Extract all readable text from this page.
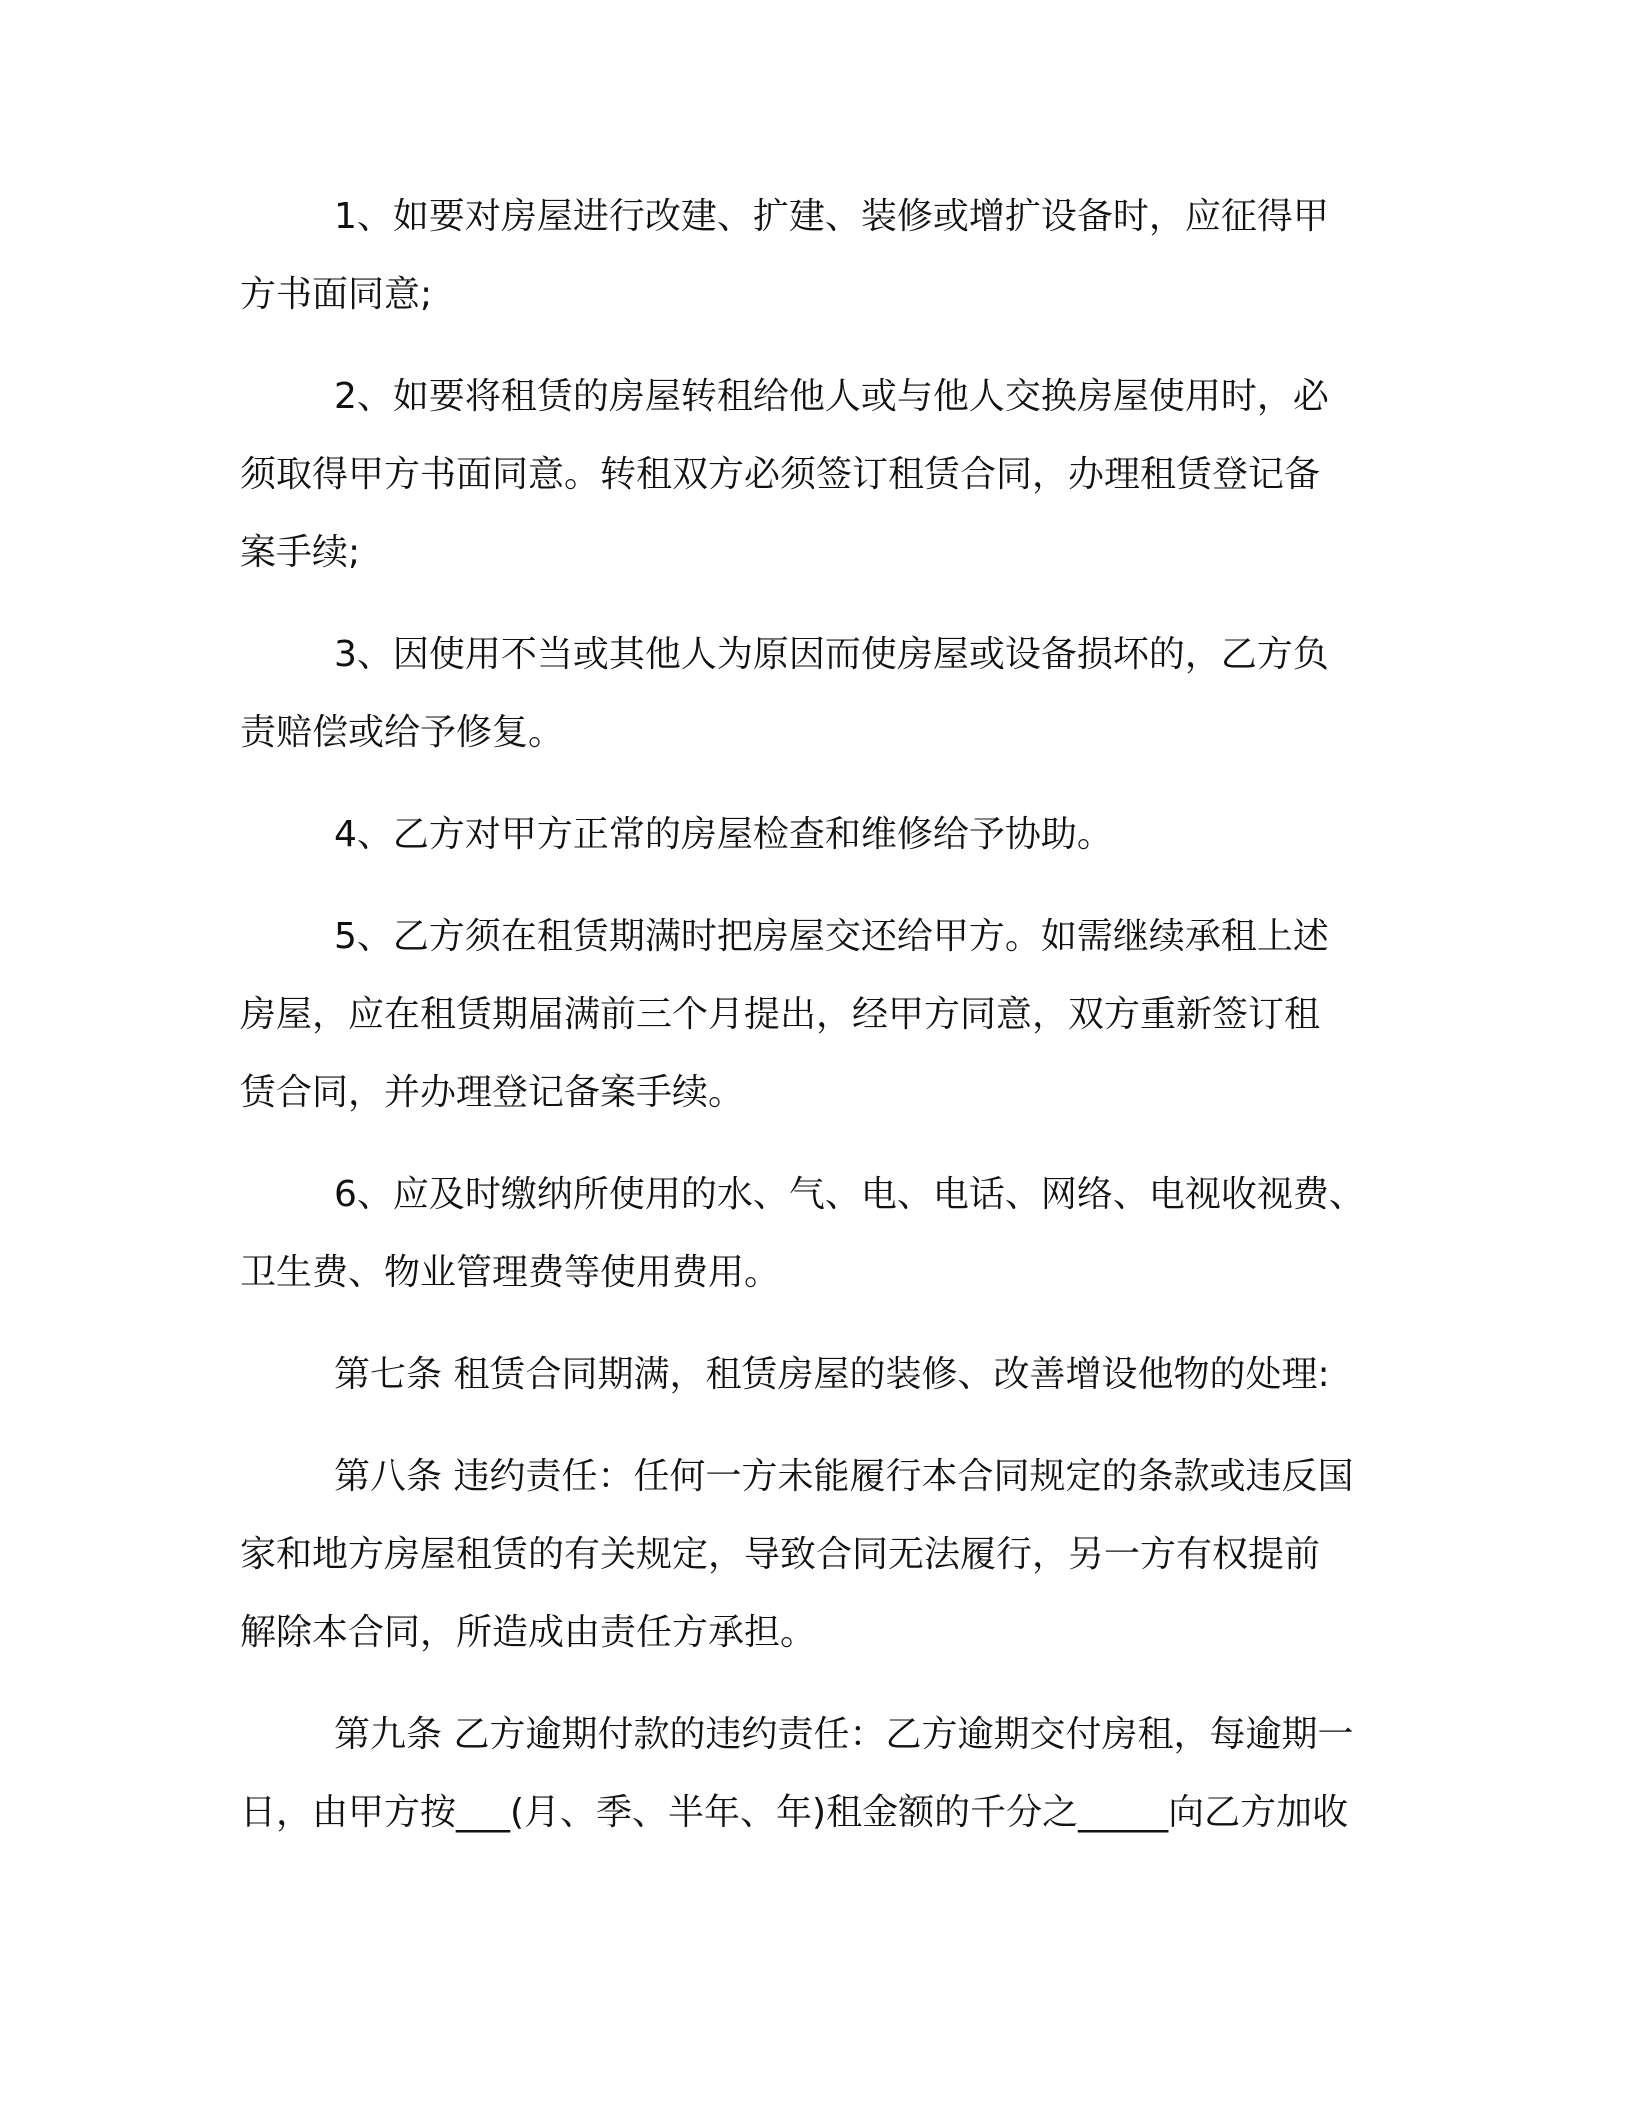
1、如要对房屋进行改建、扩建、装修或增扩设备时，应征得甲
方书面同意;
2、如要将租赁的房屋转租给他人或与他人交换房屋使用时，必
须取得甲方书面同意。转租双方必须签订租赁合同，办理租赁登记备
案手续;
3、因使用不当或其他人为原因而使房屋或设备损坏的，乙方负
责赔偿或给予修复。
4、乙方对甲方正常的房屋检查和维修给予协助。
5、乙方须在租赁期满时把房屋交还给甲方。如需继续承租上述
房屋，应在租赁期届满前三个月提出，经甲方同意，双方重新签订租
赁合同，并办理登记备案手续。
6、应及时缴纳所使用的水、气、电、电话、网络、电视收视费、
卫生费、物业管理费等使用费用。
第七条 租赁合同期满，租赁房屋的装修、改善增设他物的处理:
第八条 违约责任：任何一方未能履行本合同规定的条款或违反国
家和地方房屋租赁的有关规定，导致合同无法履行，另一方有权提前
解除本合同，所造成由责任方承担。
第九条 乙方逾期付款的违约责任：乙方逾期交付房租，每逾期一
日，由甲方按___(月、季、半年、年)租金额的千分之_____向乙方加收
